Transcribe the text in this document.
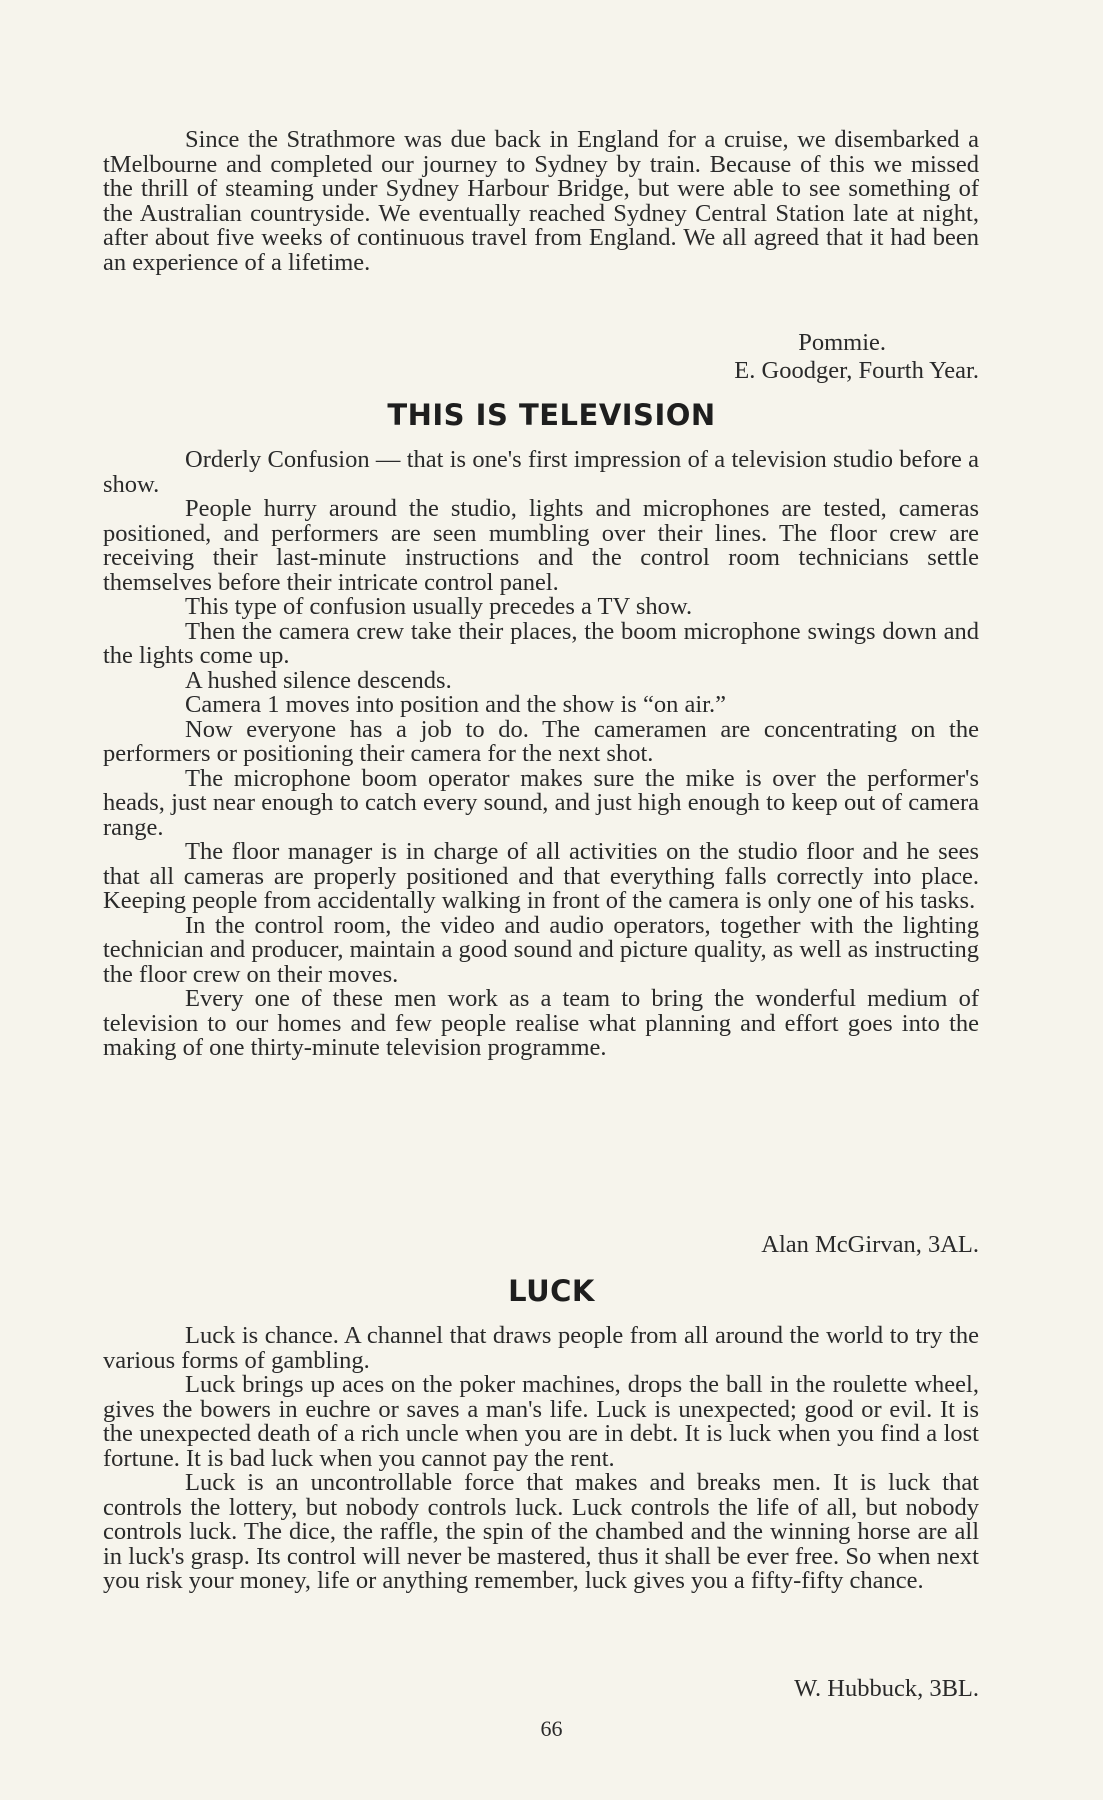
Since the Strathmore was due back in England for a cruise, we disembarked a tMelbourne and completed our journey to Sydney by train. Because of this we missed the thrill of steaming under Sydney Harbour Bridge, but were able to see something of the Australian countryside. We eventually reached Sydney Central Station late at night, after about five weeks of continuous travel from England. We all agreed that it had been an experience of a lifetime.

Pommie.
E. Goodger, Fourth Year.
THIS IS TELEVISION

Orderly Confusion — that is one's first impression of a television studio before a show.

People hurry around the studio, lights and microphones are tested, cameras positioned, and performers are seen mumbling over their lines. The floor crew are receiving their last-minute instructions and the control room technicians settle themselves before their intricate control panel.

This type of confusion usually precedes a TV show.

Then the camera crew take their places, the boom microphone swings down and the lights come up.

A hushed silence descends.

Camera 1 moves into position and the show is “on air.”

Now everyone has a job to do. The cameramen are concentrating on the performers or positioning their camera for the next shot.

The microphone boom operator makes sure the mike is over the performer's heads, just near enough to catch every sound, and just high enough to keep out of camera range.

The floor manager is in charge of all activities on the studio floor and he sees that all cameras are properly positioned and that everything falls correctly into place. Keeping people from accidentally walking in front of the camera is only one of his tasks.

In the control room, the video and audio operators, together with the lighting technician and producer, maintain a good sound and picture quality, as well as instructing the floor crew on their moves.

Every one of these men work as a team to bring the wonderful medium of television to our homes and few people realise what planning and effort goes into the making of one thirty-minute television programme.

Alan McGirvan, 3AL.
LUCK

Luck is chance. A channel that draws people from all around the world to try the various forms of gambling.

Luck brings up aces on the poker machines, drops the ball in the roulette wheel, gives the bowers in euchre or saves a man's life. Luck is unexpected; good or evil. It is the unexpected death of a rich uncle when you are in debt. It is luck when you find a lost fortune. It is bad luck when you cannot pay the rent.

Luck is an uncontrollable force that makes and breaks men. It is luck that controls the lottery, but nobody controls luck. Luck controls the life of all, but nobody controls luck. The dice, the raffle, the spin of the chambed and the winning horse are all in luck's grasp. Its control will never be mastered, thus it shall be ever free. So when next you risk your money, life or anything remember, luck gives you a fifty-fifty chance.

W. Hubbuck, 3BL.
66
